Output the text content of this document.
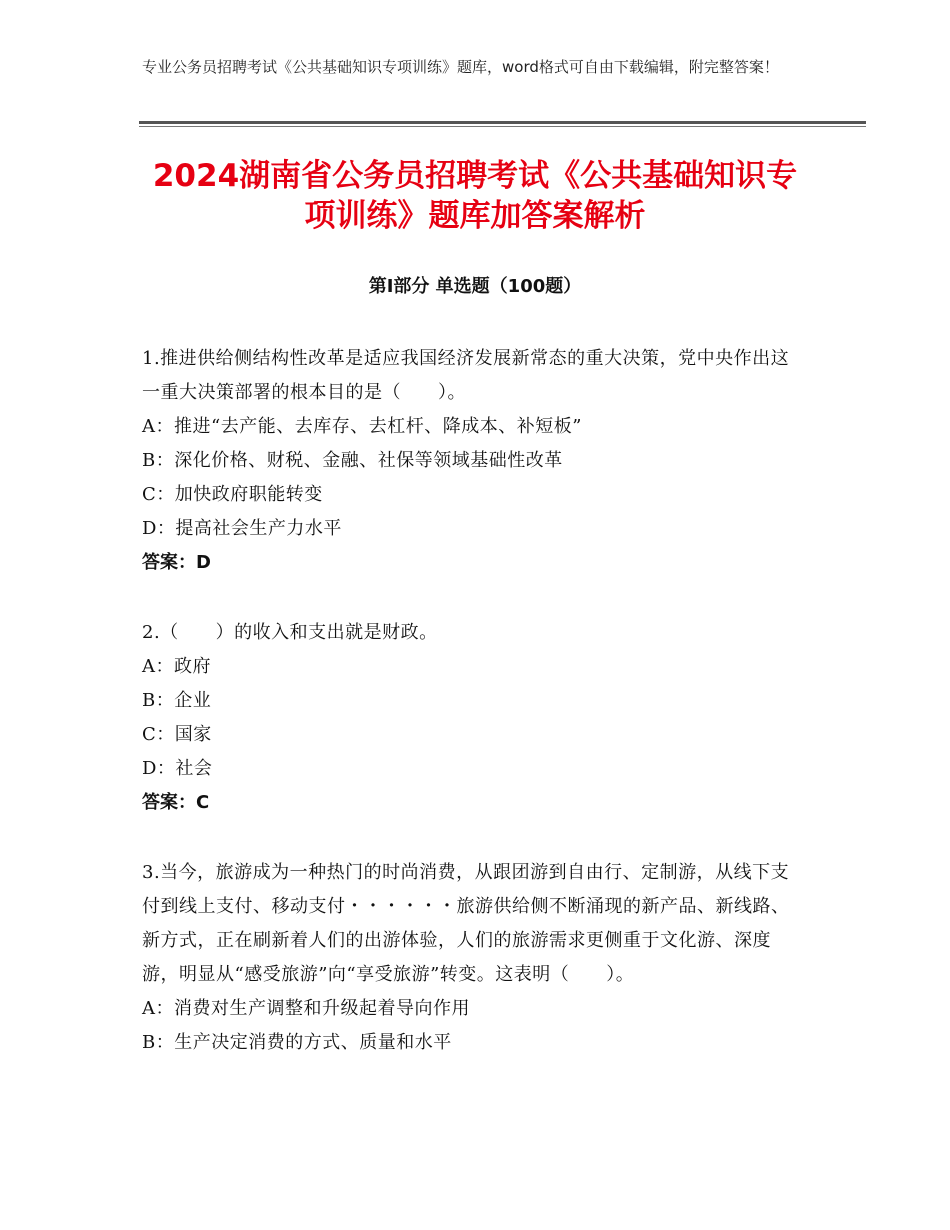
专业公务员招聘考试《公共基础知识专项训练》题库，word格式可自由下载编辑，附完整答案！
2024湖南省公务员招聘考试《公共基础知识专项训练》题库加答案解析
第Ⅰ部分 单选题（100题）

1.推进供给侧结构性改革是适应我国经济发展新常态的重大决策，党中央作出这一重大决策部署的根本目的是（　　）。

A：推进“去产能、去库存、去杠杆、降成本、补短板”

B：深化价格、财税、金融、社保等领域基础性改革

C：加快政府职能转变

D：提高社会生产力水平

答案：D

2.（　　）的收入和支出就是财政。

A：政府

B：企业

C：国家

D：社会

答案：C

3.当今，旅游成为一种热门的时尚消费，从跟团游到自由行、定制游，从线下支付到线上支付、移动支付・・・・・・旅游供给侧不断涌现的新产品、新线路、新方式，正在刷新着人们的出游体验，人们的旅游需求更侧重于文化游、深度游，明显从“感受旅游”向“享受旅游”转变。这表明（　　）。

A：消费对生产调整和升级起着导向作用

B：生产决定消费的方式、质量和水平
